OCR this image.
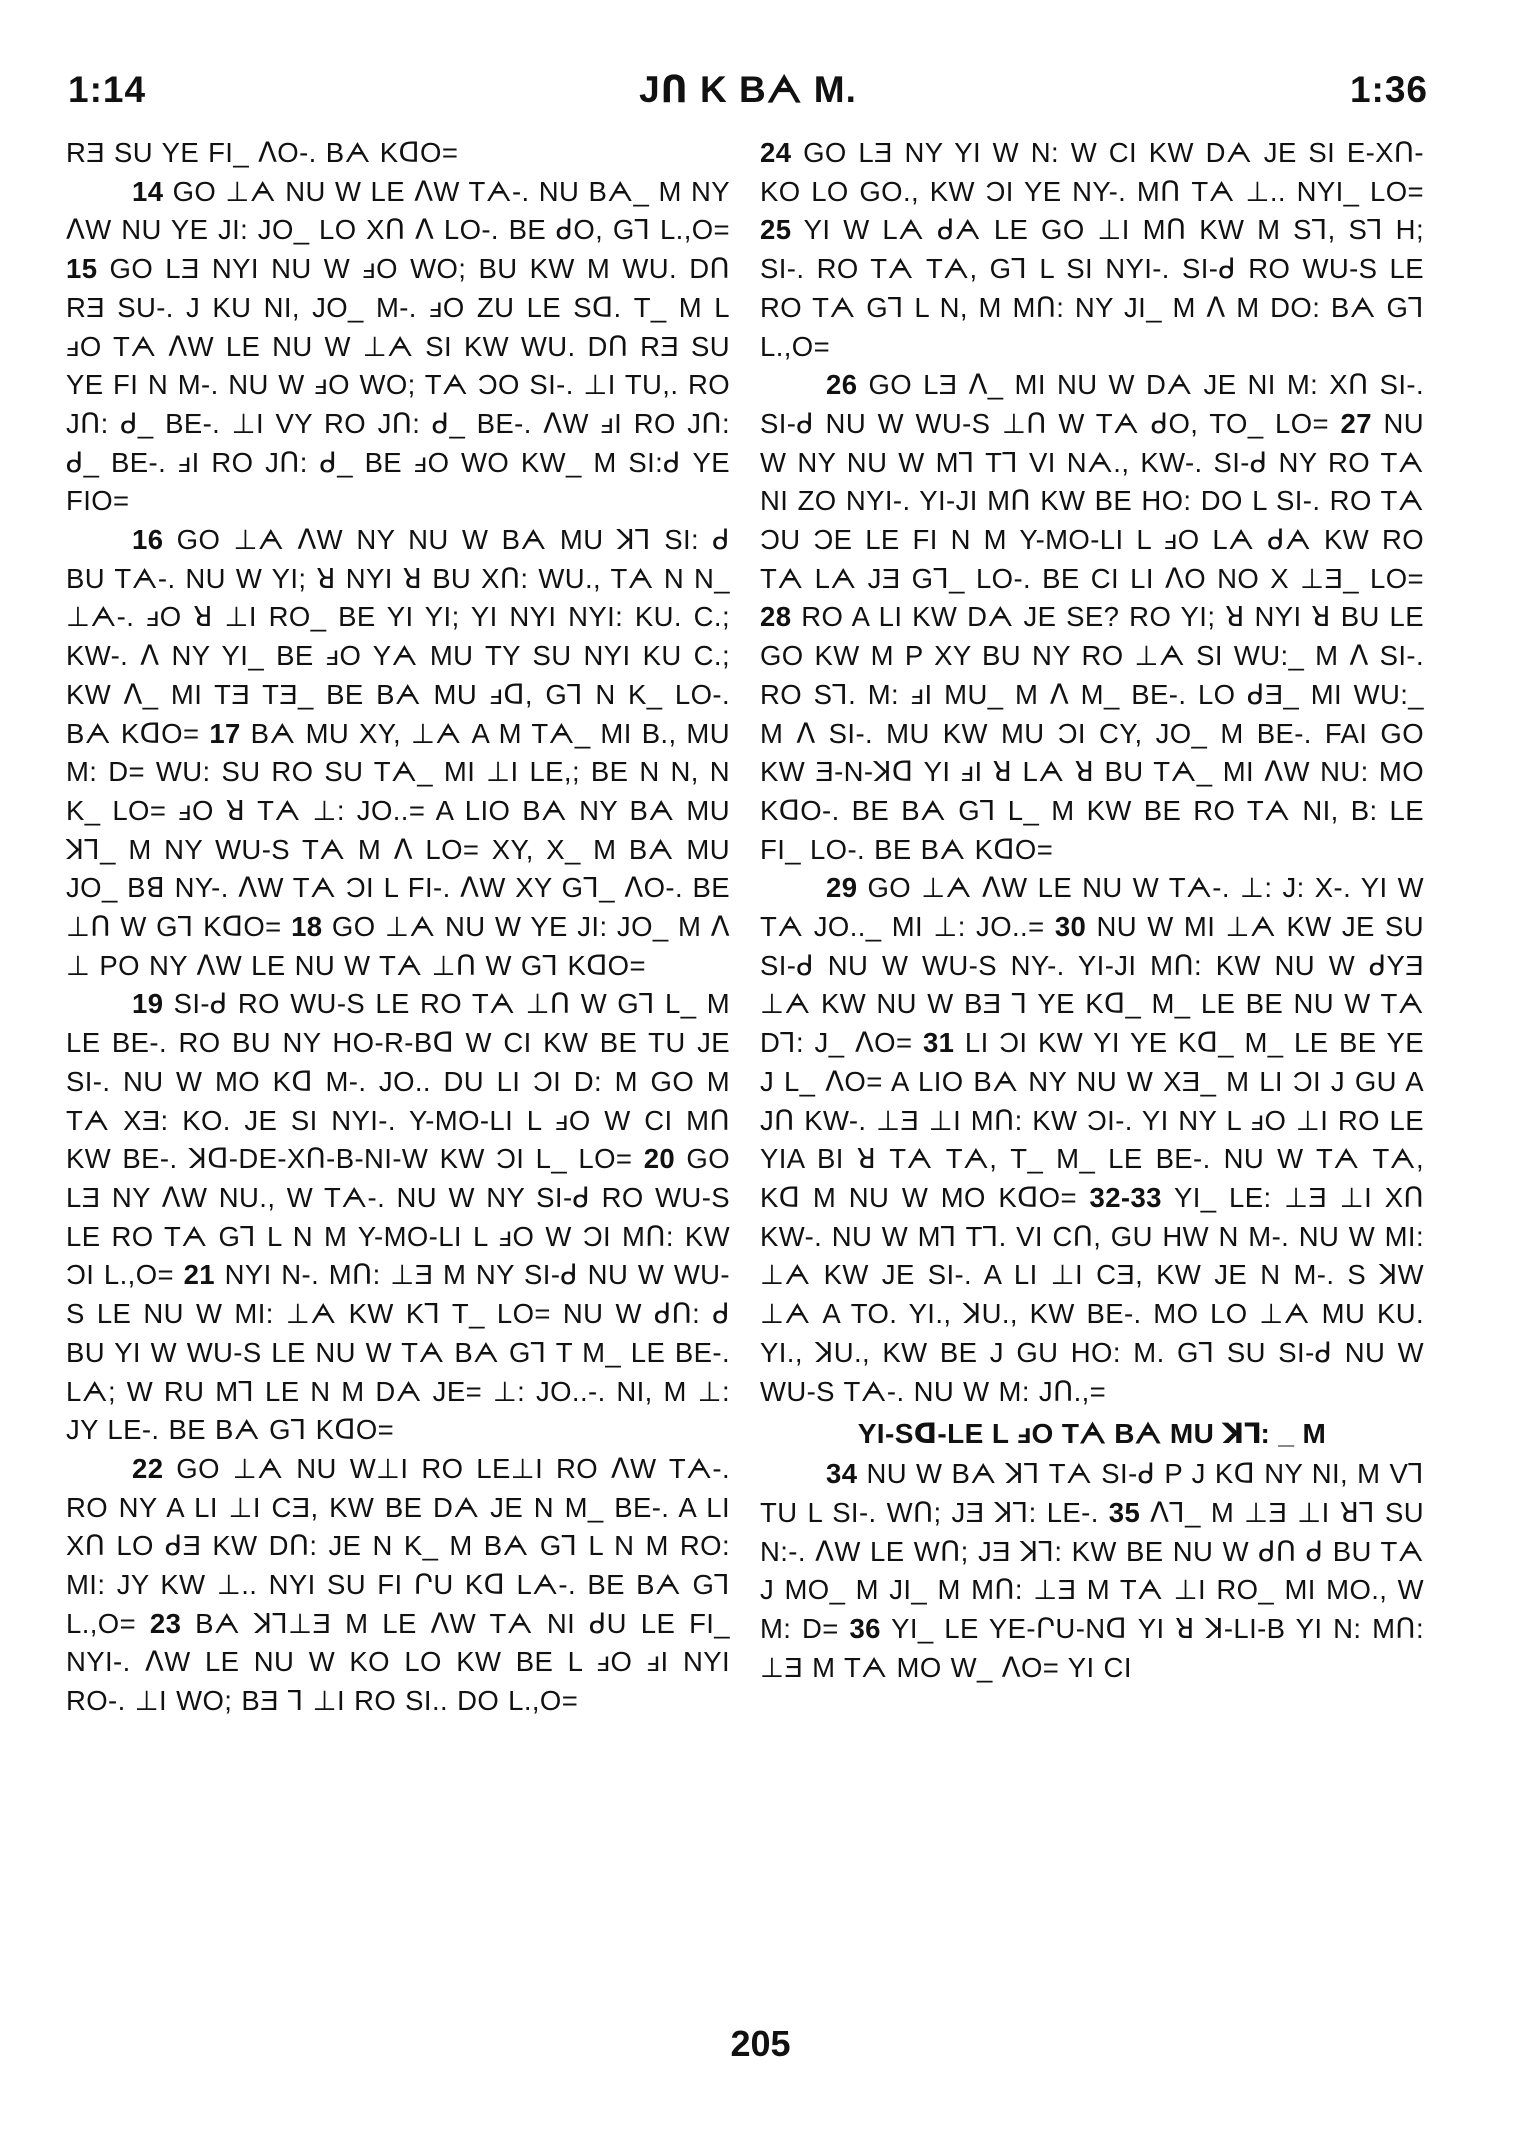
1:14	JՈ K Bᗅ M.	1:36

RƎ SU YE FI_ ᐱO-. Bᗅ KᗡO=

14 GO ⊥ᗅ NU W LE ᐱW Tᗅ-. NU Bᗅ_ M NY ᐱW NU YE JI: JO_ LO XՈ ᐱ LO-. BE ᑯO, G⅂ L.,O= 15 GO LƎ NYI NU W ⅎO WO; BU KW M WU. DՈ RƎ SU-. J KU NI, JO_ M-. ⅎO ZU LE Sᗡ. T_ M L ⅎO Tᗅ ᐱW LE NU W ⊥ᗅ SI KW WU. DՈ RƎ SU YE FI N M-. NU W ⅎO WO; Tᗅ ϽO SI-. ⊥I TU,. RO JՈ: ᑯ_ BE-. ⊥I VY RO JՈ: ᑯ_ BE-. ᐱW ⅎI RO JՈ: ᑯ_ BE-. ⅎI RO JՈ: ᑯ_ BE ⅎO WO KW_ M SI:ᑯ YE FIO=

16 GO ⊥ᗅ ᐱW NY NU W Bᗅ MU ꓘ⅂ SI: ᑯ BU Tᗅ-. NU W YI; ꓤ NYI ꓤ BU XՈ: WU., Tᗅ N N_ ⊥ᗅ-. ⅎO ꓤ ⊥I RO_ BE YI YI; YI NYI NYI: KU. C.; KW-. ᐱ NY YI_ BE ⅎO Yᗅ MU TY SU NYI KU C.; KW ᐱ_ MI TƎ TƎ_ BE Bᗅ MU ⅎᗡ, G⅂ N K_ LO-. Bᗅ KᗡO= 17 Bᗅ MU XY, ⊥ᗅ A M Tᗅ_ MI B., MU M: D= WU: SU RO SU Tᗅ_ MI ⊥I LE,; BE N N, N K_ LO= ⅎO ꓤ Tᗅ ⊥: JO..= A LIO Bᗅ NY Bᗅ MU ꓘ⅂_ M NY WU-S Tᗅ M ᐱ LO= XY, X_ M Bᗅ MU JO_ Bꓭ NY-. ᐱW Tᗅ ϽI L FI-. ᐱW XY G⅂_ ᐱO-. BE ⊥Ո W G⅂ KᗡO= 18 GO ⊥ᗅ NU W YE JI: JO_ M ᐱ ⊥ PO NY ᐱW LE NU W Tᗅ ⊥Ո W G⅂ KᗡO=

19 SI-ᑯ RO WU-S LE RO Tᗅ ⊥Ո W G⅂ L_ M LE BE-. RO BU NY HO-R-Bᗡ W CI KW BE TU JE SI-. NU W MO Kᗡ M-. JO.. DU LI ϽI D: M GO M Tᗅ XƎ: KO. JE SI NYI-. Y-MO-LI L ⅎO W CI MՈ KW BE-. ꓘᗡ-DE-XՈ-B-NI-W KW ϽI L_ LO= 20 GO LƎ NY ᐱW NU., W Tᗅ-. NU W NY SI-ᑯ RO WU-S LE RO Tᗅ G⅂ L N M Y-MO-LI L ⅎO W ϽI MՈ: KW ϽI L.,O= 21 NYI N-. MՈ: ⊥Ǝ M NY SI-ᑯ NU W WU-S LE NU W MI: ⊥ᗅ KW K⅂ T_ LO= NU W ᑯՈ: ᑯ BU YI W WU-S LE NU W Tᗅ Bᗅ G⅂ T M_ LE BE-. Lᗅ; W RU M⅂ LE N M Dᗅ JE= ⊥: JO..-. NI, M ⊥: JY LE-. BE Bᗅ G⅂ KᗡO=

22 GO ⊥ᗅ NU W⊥I RO LE⊥I RO ᐱW Tᗅ-. RO NY A LI ⊥I CƎ, KW BE Dᗅ JE N M_ BE-. A LI XՈ LO ᑯƎ KW DՈ: JE N K_ M Bᗅ G⅂ L N M RO: MI: JY KW ⊥.. NYI SU FI ՐU Kᗡ Lᗅ-. BE Bᗅ G⅂ L.,O= 23 Bᗅ ꓘ⅂⊥Ǝ M LE ᐱW Tᗅ NI ᑯU LE FI_ NYI-. ᐱW LE NU W KO LO KW BE L ⅎO ⅎI NYI RO-. ⊥I WO; BƎ ⅂ ⊥I RO SI.. DO L.,O=

24 GO LƎ NY YI W N: W CI KW Dᗅ JE SI E-XՈ-KO LO GO., KW ϽI YE NY-. MՈ Tᗅ ⊥.. NYI_ LO= 25 YI W Lᗅ ᑯᗅ LE GO ⊥I MՈ KW M S⅂, S⅂ H; SI-. RO Tᗅ Tᗅ, G⅂ L SI NYI-. SI-ᑯ RO WU-S LE RO Tᗅ G⅂ L N, M MՈ: NY JI_ M ᐱ M DO: Bᗅ G⅂ L.,O=

26 GO LƎ ᐱ_ MI NU W Dᗅ JE NI M: XՈ SI-. SI-ᑯ NU W WU-S ⊥Ո W Tᗅ ᑯO, TO_ LO= 27 NU W NY NU W M⅂ T⅂ VI Nᗅ., KW-. SI-ᑯ NY RO Tᗅ NI ZO NYI-. YI-JI MՈ KW BE HO: DO L SI-. RO Tᗅ ϽU ϽE LE FI N M Y-MO-LI L ⅎO Lᗅ ᑯᗅ KW RO Tᗅ Lᗅ JƎ G⅂_ LO-. BE CI LI ᐱO NO X ⊥Ǝ_ LO= 28 RO A LI KW Dᗅ JE SE? RO YI; ꓤ NYI ꓤ BU LE GO KW M P XY BU NY RO ⊥ᗅ SI WU:_ M ᐱ SI-. RO S⅂. M: ⅎI MU_ M ᐱ M_ BE-. LO ᑯƎ_ MI WU:_ M ᐱ SI-. MU KW MU ϽI CY, JO_ M BE-. FAI GO KW Ǝ-N-ꓘᗡ YI ⅎI ꓤ Lᗅ ꓤ BU Tᗅ_ MI ᐱW NU: MO KᗡO-. BE Bᗅ G⅂ L_ M KW BE RO Tᗅ NI, B: LE FI_ LO-. BE Bᗅ KᗡO=

29 GO ⊥ᗅ ᐱW LE NU W Tᗅ-. ⊥: J: X-. YI W Tᗅ JO.._ MI ⊥: JO..= 30 NU W MI ⊥ᗅ KW JE SU SI-ᑯ NU W WU-S NY-. YI-JI MՈ: KW NU W ᑯYƎ ⊥ᗅ KW NU W BƎ ⅂ YE Kᗡ_ M_ LE BE NU W Tᗅ D⅂: J_ ᐱO= 31 LI ϽI KW YI YE Kᗡ_ M_ LE BE YE J L_ ᐱO= A LIO Bᗅ NY NU W XƎ_ M LI ϽI J GU A JՈ KW-. ⊥Ǝ ⊥I MՈ: KW ϽI-. YI NY L ⅎO ⊥I RO LE YIA BI ꓤ Tᗅ Tᗅ, T_ M_ LE BE-. NU W Tᗅ Tᗅ, Kᗡ M NU W MO KᗡO= 32-33 YI_ LE: ⊥Ǝ ⊥I XՈ KW-. NU W M⅂ T⅂. VI CՈ, GU HW N M-. NU W MI: ⊥ᗅ KW JE SI-. A LI ⊥I CƎ, KW JE N M-. S ꓘW ⊥ᗅ A TO. YI., ꓘU., KW BE-. MO LO ⊥ᗅ MU KU. YI., ꓘU., KW BE J GU HO: M. G⅂ SU SI-ᑯ NU W WU-S Tᗅ-. NU W M: JՈ.,=

YI-Sᗡ-LE L ⅎO Tᗅ Bᗅ MU ꓘ⅂: _ M

34 NU W Bᗅ ꓘ⅂ Tᗅ SI-ᑯ P J Kᗡ NY NI, M V⅂ TU L SI-. WՈ; JƎ ꓘ⅂: LE-. 35 ᐱ⅂_ M ⊥Ǝ ⊥I ꓤ⅂ SU N:-. ᐱW LE WՈ; JƎ ꓘ⅂: KW BE NU W ᑯՈ ᑯ BU Tᗅ J MO_ M JI_ M MՈ: ⊥Ǝ M Tᗅ ⊥I RO_ MI MO., W M: D= 36 YI_ LE YE-ՐU-Nᗡ YI ꓤ ꓘ-LI-B YI N: MՈ: ⊥Ǝ M Tᗅ MO W_ ᐱO= YI CI

205
